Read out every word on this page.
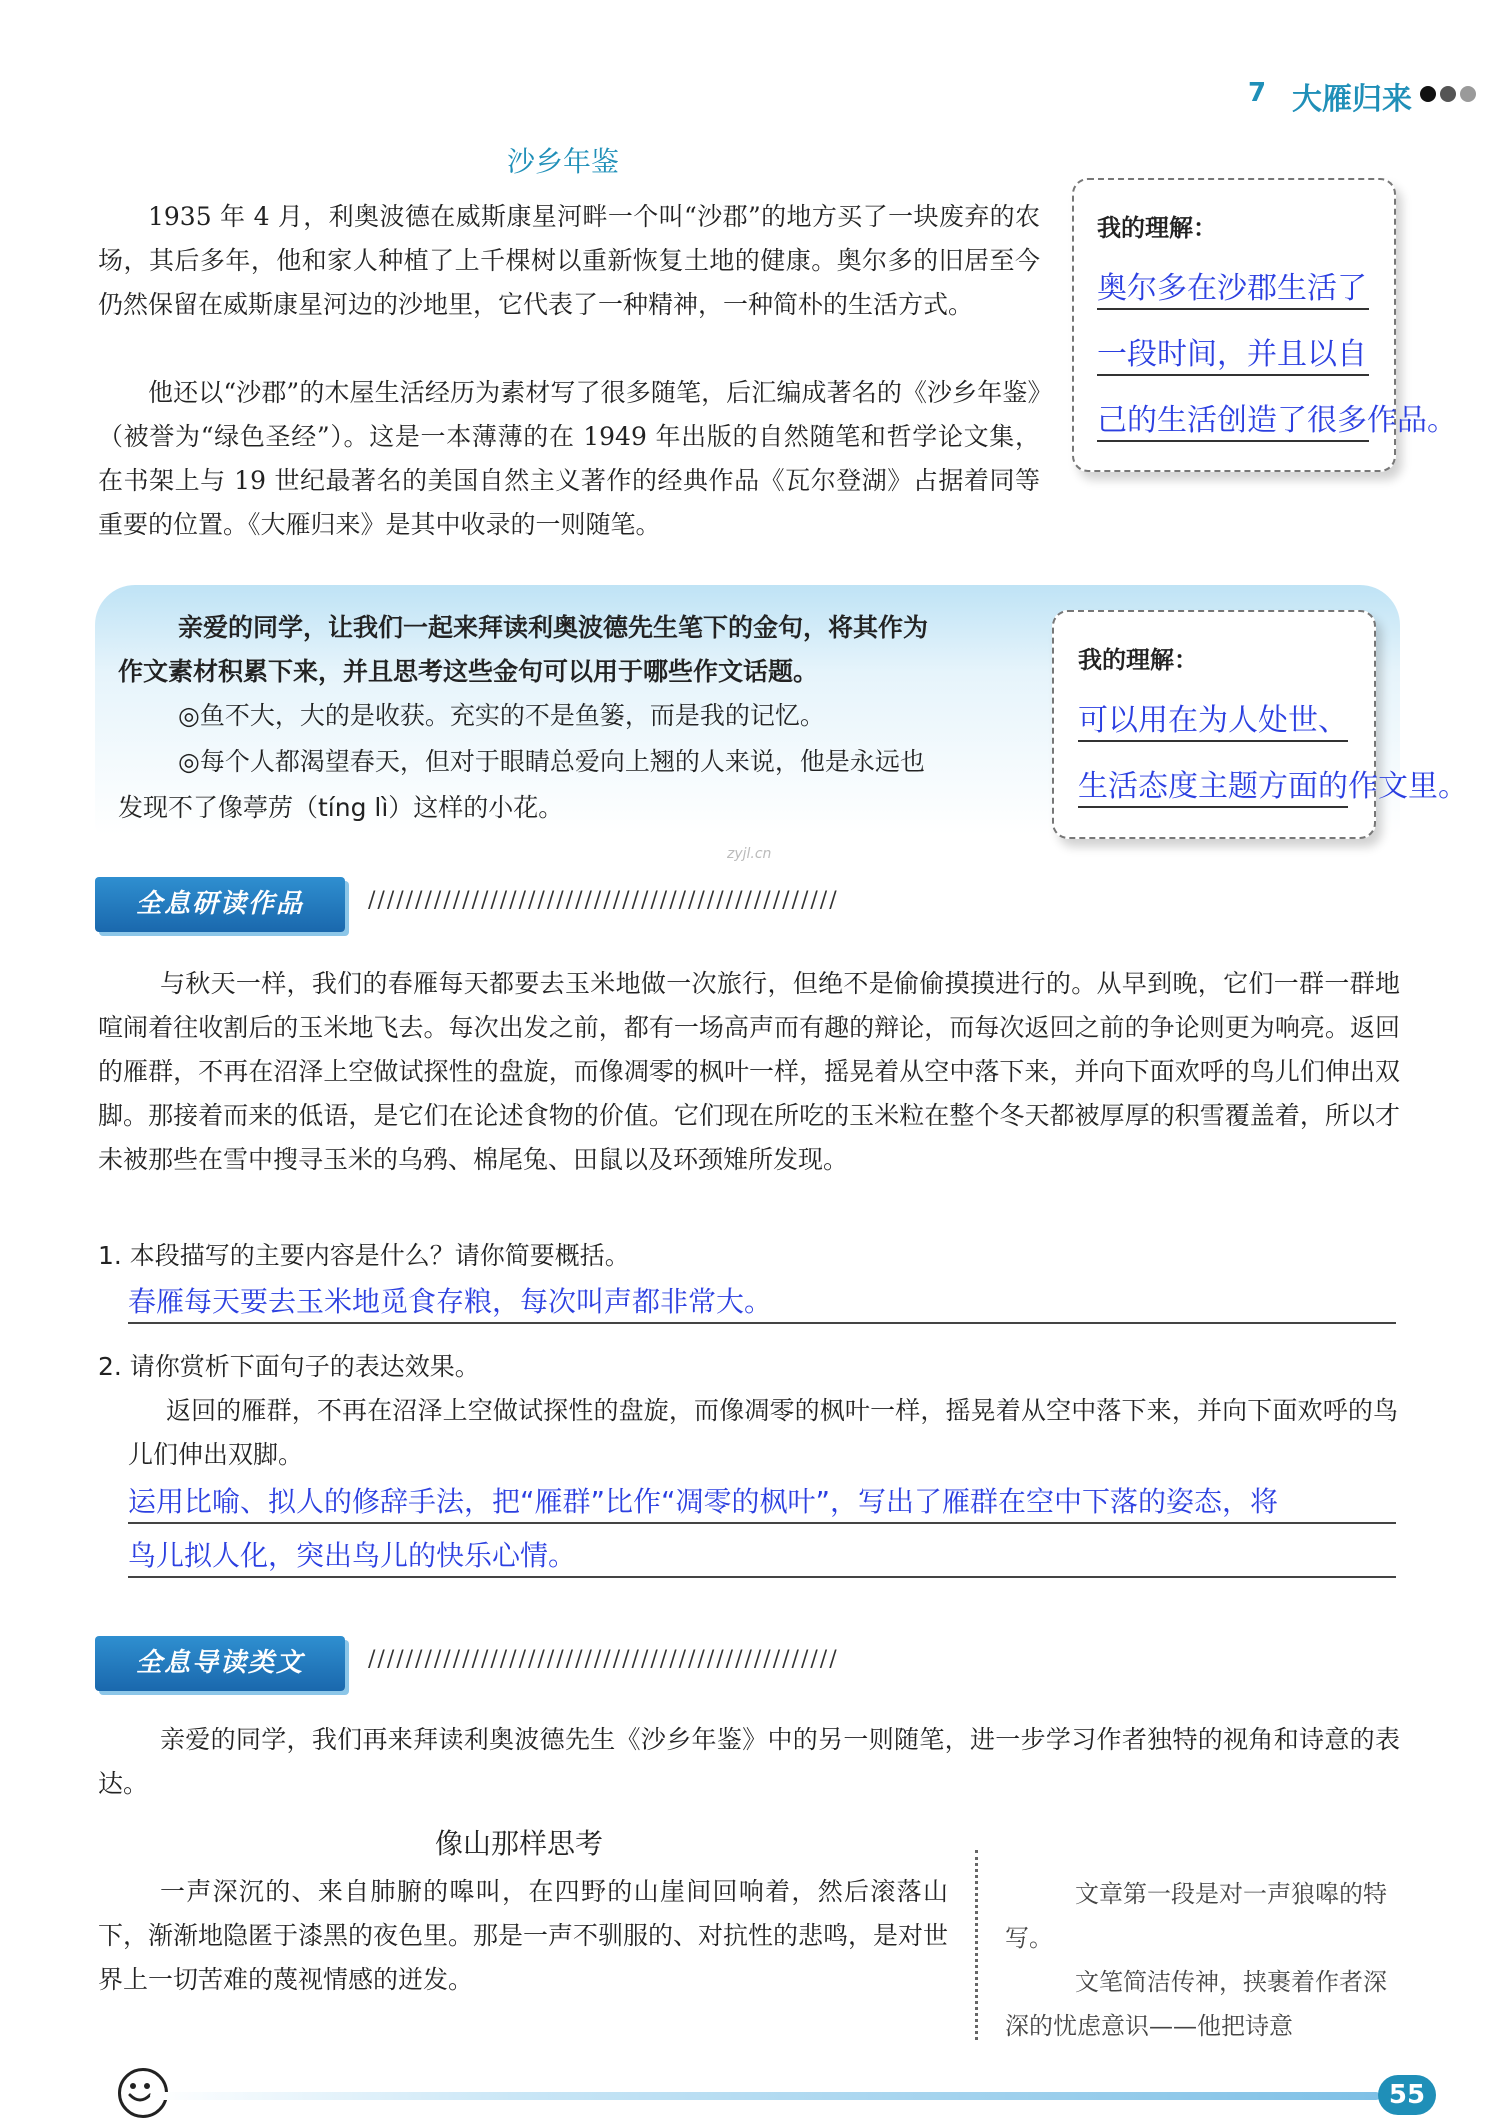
7 大雁归来
沙乡年鉴
1935 年 4 月，利奥波德在威斯康星河畔一个叫“沙郡”的地方买了一块废弃的农场，其后多年，他和家人种植了上千棵树以重新恢复土地的健康。奥尔多的旧居至今仍然保留在威斯康星河边的沙地里，它代表了一种精神，一种简朴的生活方式。
他还以“沙郡”的木屋生活经历为素材写了很多随笔，后汇编成著名的《沙乡年鉴》（被誉为“绿色圣经”）。这是一本薄薄的在 1949 年出版的自然随笔和哲学论文集，在书架上与 19 世纪最著名的美国自然主义著作的经典作品《瓦尔登湖》占据着同等重要的位置。《大雁归来》是其中收录的一则随笔。
我的理解：
奥尔多在沙郡生活了
一段时间，并且以自
己的生活创造了很多作品。
亲爱的同学，让我们一起来拜读利奥波德先生笔下的金句，将其作为
作文素材积累下来，并且思考这些金句可以用于哪些作文话题。
◎鱼不大，大的是收获。充实的不是鱼篓，而是我的记忆。
◎每个人都渴望春天，但对于眼睛总爱向上翘的人来说，他是永远也
发现不了像葶苈（tíng lì）这样的小花。
我的理解：
可以用在为人处世、
生活态度主题方面的作文里。
zyjl.cn
全息研读作品	//////////////////////////////////////////////////
与秋天一样，我们的春雁每天都要去玉米地做一次旅行，但绝不是偷偷摸摸进行的。从早到晚，它们一群一群地喧闹着往收割后的玉米地飞去。每次出发之前，都有一场高声而有趣的辩论，而每次返回之前的争论则更为响亮。返回的雁群，不再在沼泽上空做试探性的盘旋，而像凋零的枫叶一样，摇晃着从空中落下来，并向下面欢呼的鸟儿们伸出双脚。那接着而来的低语，是它们在论述食物的价值。它们现在所吃的玉米粒在整个冬天都被厚厚的积雪覆盖着，所以才未被那些在雪中搜寻玉米的乌鸦、棉尾兔、田鼠以及环颈雉所发现。
1. 本段描写的主要内容是什么？请你简要概括。
春雁每天要去玉米地觅食存粮，每次叫声都非常大。
2. 请你赏析下面句子的表达效果。
返回的雁群，不再在沼泽上空做试探性的盘旋，而像凋零的枫叶一样，摇晃着从空中落下来，并向下面欢呼的鸟儿们伸出双脚。
运用比喻、拟人的修辞手法，把“雁群”比作“凋零的枫叶”，写出了雁群在空中下落的姿态，将
鸟儿拟人化，突出鸟儿的快乐心情。
全息导读类文	//////////////////////////////////////////////////
亲爱的同学，我们再来拜读利奥波德先生《沙乡年鉴》中的另一则随笔，进一步学习作者独特的视角和诗意的表达。
像山那样思考
一声深沉的、来自肺腑的嗥叫，在四野的山崖间回响着，然后滚落山下，渐渐地隐匿于漆黑的夜色里。那是一声不驯服的、对抗性的悲鸣，是对世界上一切苦难的蔑视情感的迸发。
文章第一段是对一声狼嗥的特写。
文笔简洁传神，挟裹着作者深深的忧虑意识——他把诗意
55
